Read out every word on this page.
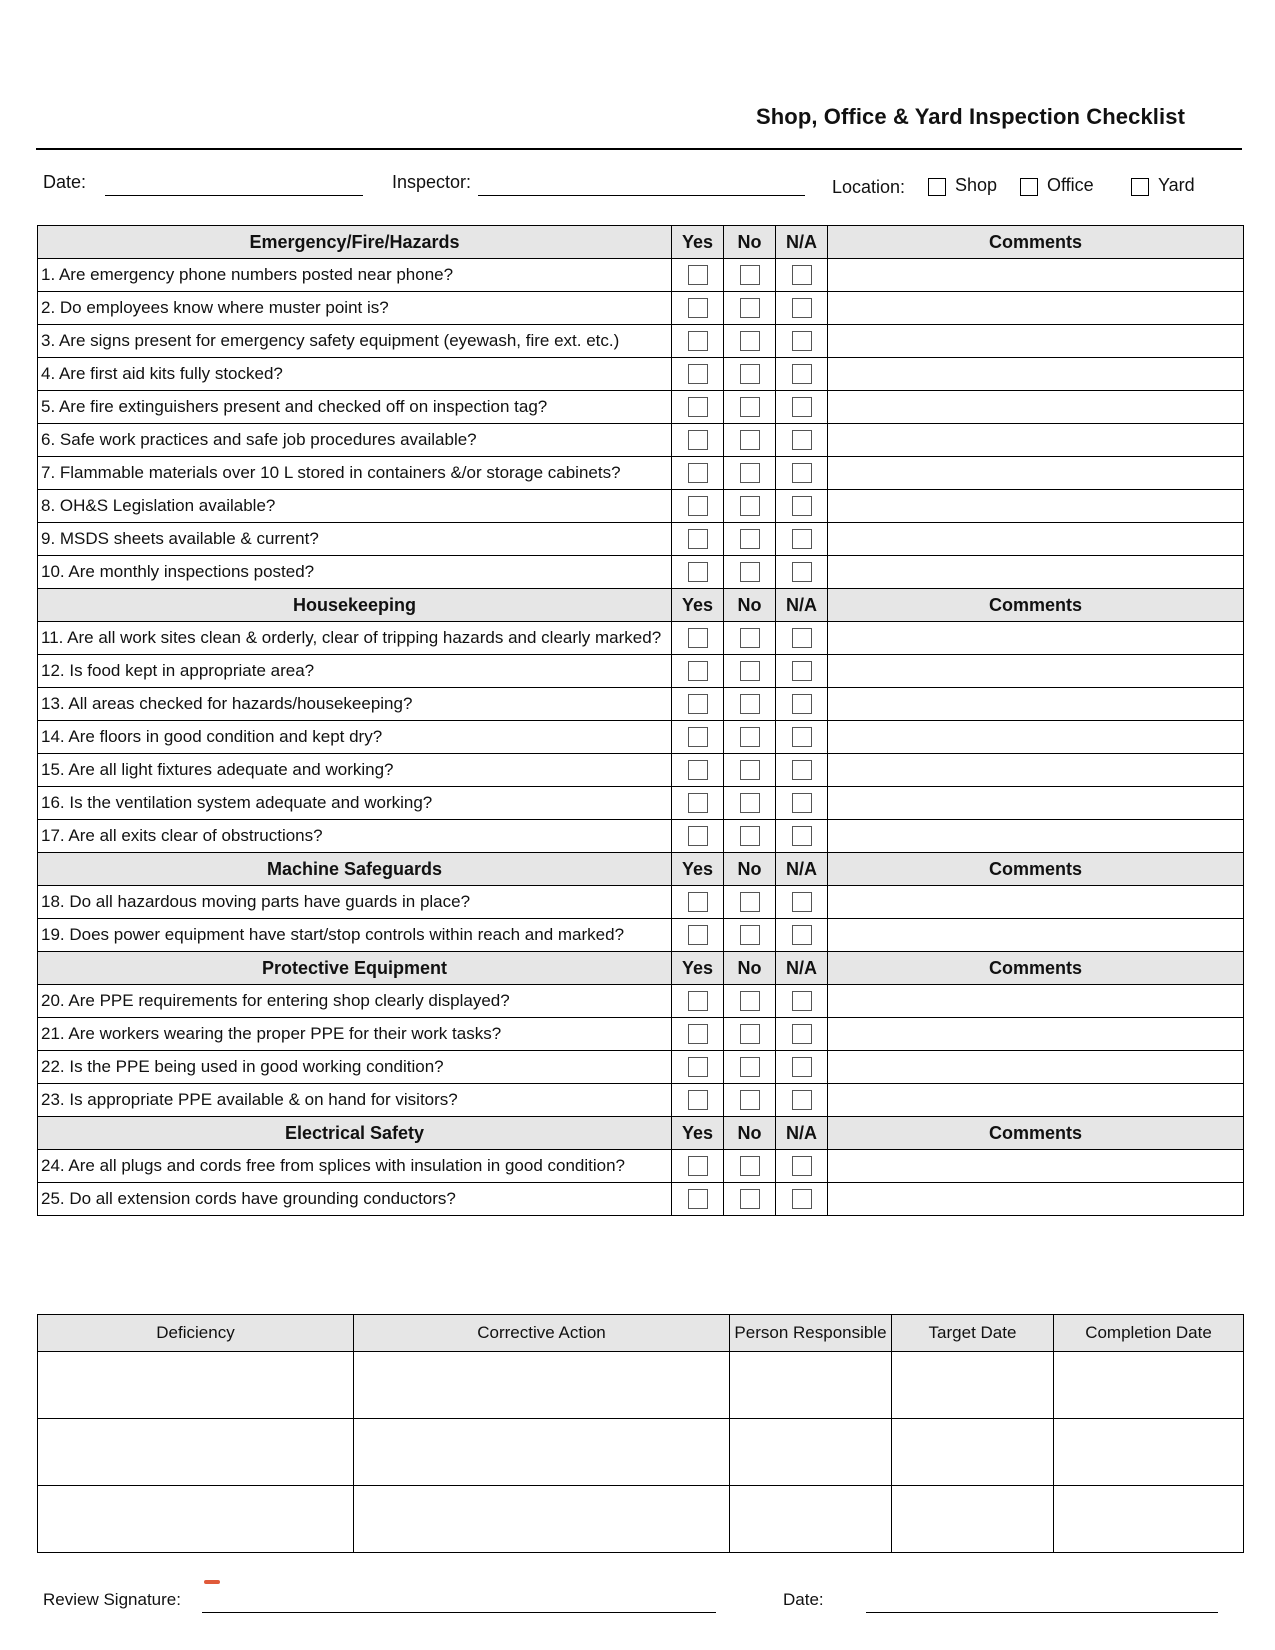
Shop, Office & Yard Inspection Checklist
Date:	Inspector:	Location:	Shop	Office	Yard
Emergency/Fire/Hazards	Yes	No	N/A	Comments
1. Are emergency phone numbers posted near phone?				
2. Do employees know where muster point is?				
3. Are signs present for emergency safety equipment (eyewash, fire ext. etc.)				
4. Are first aid kits fully stocked?				
5. Are fire extinguishers present and checked off on inspection tag?				
6. Safe work practices and safe job procedures available?				
7. Flammable materials over 10 L stored in containers &/or storage cabinets?				
8. OH&S Legislation available?				
9. MSDS sheets available & current?				
10. Are monthly inspections posted?				
Housekeeping	Yes	No	N/A	Comments
11. Are all work sites clean & orderly, clear of tripping hazards and clearly marked?				
12. Is food kept in appropriate area?				
13. All areas checked for hazards/housekeeping?				
14. Are floors in good condition and kept dry?				
15. Are all light fixtures adequate and working?				
16. Is the ventilation system adequate and working?				
17. Are all exits clear of obstructions?				
Machine Safeguards	Yes	No	N/A	Comments
18. Do all hazardous moving parts have guards in place?				
19. Does power equipment have start/stop controls within reach and marked?				
Protective Equipment	Yes	No	N/A	Comments
20. Are PPE requirements for entering shop clearly displayed?				
21. Are workers wearing the proper PPE for their work tasks?				
22. Is the PPE being used in good working condition?				
23. Is appropriate PPE available & on hand for visitors?				
Electrical Safety	Yes	No	N/A	Comments
24. Are all plugs and cords free from splices with insulation in good condition?				
25. Do all extension cords have grounding conductors?				
Deficiency	Corrective Action	Person Responsible	Target Date	Completion Date

Review Signature:	Date:
